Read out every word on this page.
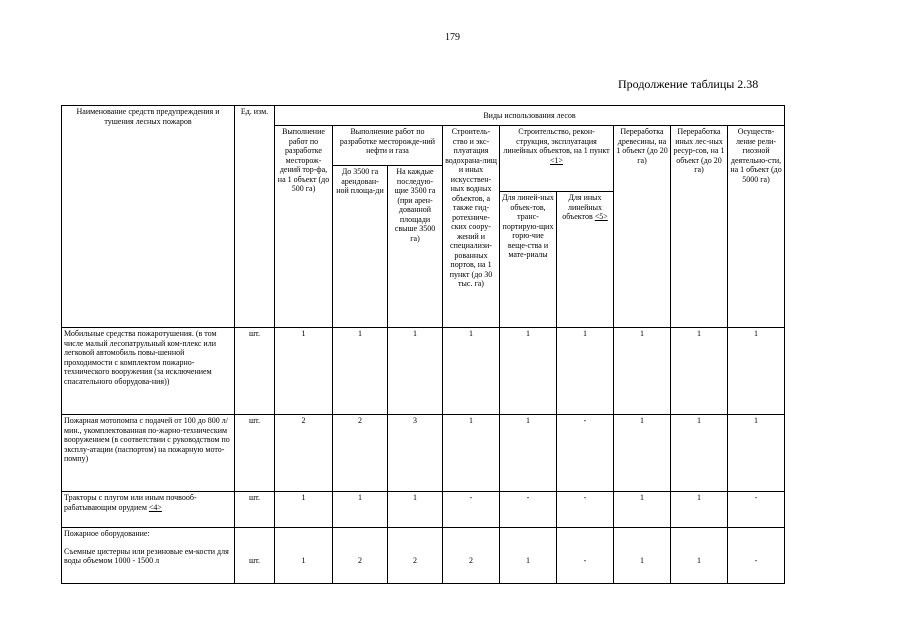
179
Продолжение таблицы 2.38
Наименование средств предупреждения и тушения лесных пожаров	Ед. изм.	Виды использования лесов								
		Выполнение работ по разработке месторож-дений тор-фа, на 1 объект (до 500 га)	Выполнение работ по разработке месторожде-ний нефти и газа		Строитель-ство и экс-плуатация водохрана-лищ и иных искусствен-ных водных объектов, а также гид-ротехниче-ских соору-жений и специализи-рованных портов, на 1 пункт (до 30 тыс. га)	Строительство, рекон-струкция, эксплуатация линейных объектов, на 1 пункт <1>		Переработка древесины, на 1 объект (до 20 га)	Переработка иных лес-ных ресур-сов, на 1 объект (до 20 га)	Осуществ-ление рели-гиозной деятельно-сти, на 1 объект (до 5000 га)
			До 3500 га арендован-ной площа-ди	На каждые последую-щие 3500 га (при арен-дованной площади свыше 3500 га)						
						Для линей-ных объек-тов, транс-портирую-щих горю-чие веще-ства и мате-риалы	Для иных линейных объектов <5>			
Мобильные средства пожаротушения. (в том числе малый лесопатрульный ком-плекс или легковой автомобиль повы-шенной проходимости с комплектом пожарно-технического вооружения (за исключением спасательного оборудова-ния))	шт.	1	1	1	1	1	1	1	1	1
Пожарная мотопомпа с подачей от 100 до 800 л/мин., укомплектованная по-жарно-техническим вооружением (в соответствии с руководством по эксплу-атации (паспортом) на пожарную мото-помпу)	шт.	2	2	3	1	1	-	1	1	1
Тракторы с плугом или иным почвооб-рабатывающим орудием <4>	шт.	1	1	1	-	-	-	1	1	-

Пожарное оборудование:
Съемные цистерны или резиновые ем-кости для воды объемом 1000 - 1500 л	шт.	1	2	2	2	1	-	1	1	-
